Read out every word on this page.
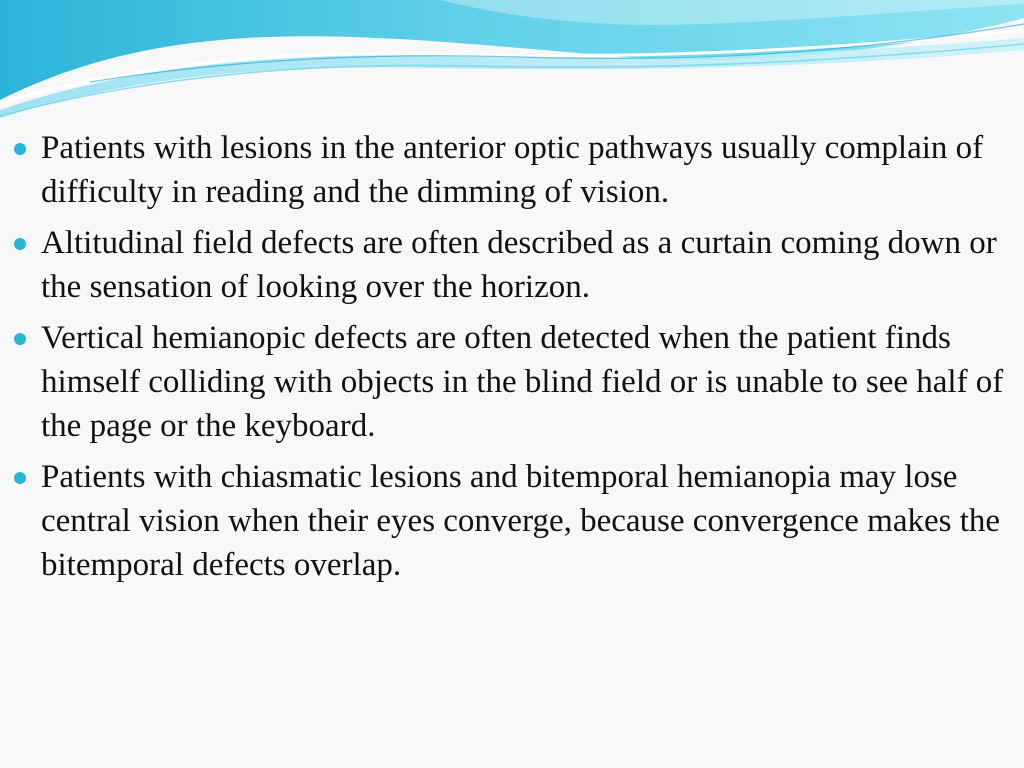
Patients with lesions in the anterior optic pathways usually complain of difficulty in reading and the dimming of vision.
Altitudinal field defects are often described as a curtain coming down or the sensation of looking over the horizon.
Vertical hemianopic defects are often detected when the patient finds himself colliding with objects in the blind field or is unable to see half of the page or the keyboard.
Patients with chiasmatic lesions and bitemporal hemianopia may lose central vision when their eyes converge, because convergence makes the bitemporal defects overlap.
